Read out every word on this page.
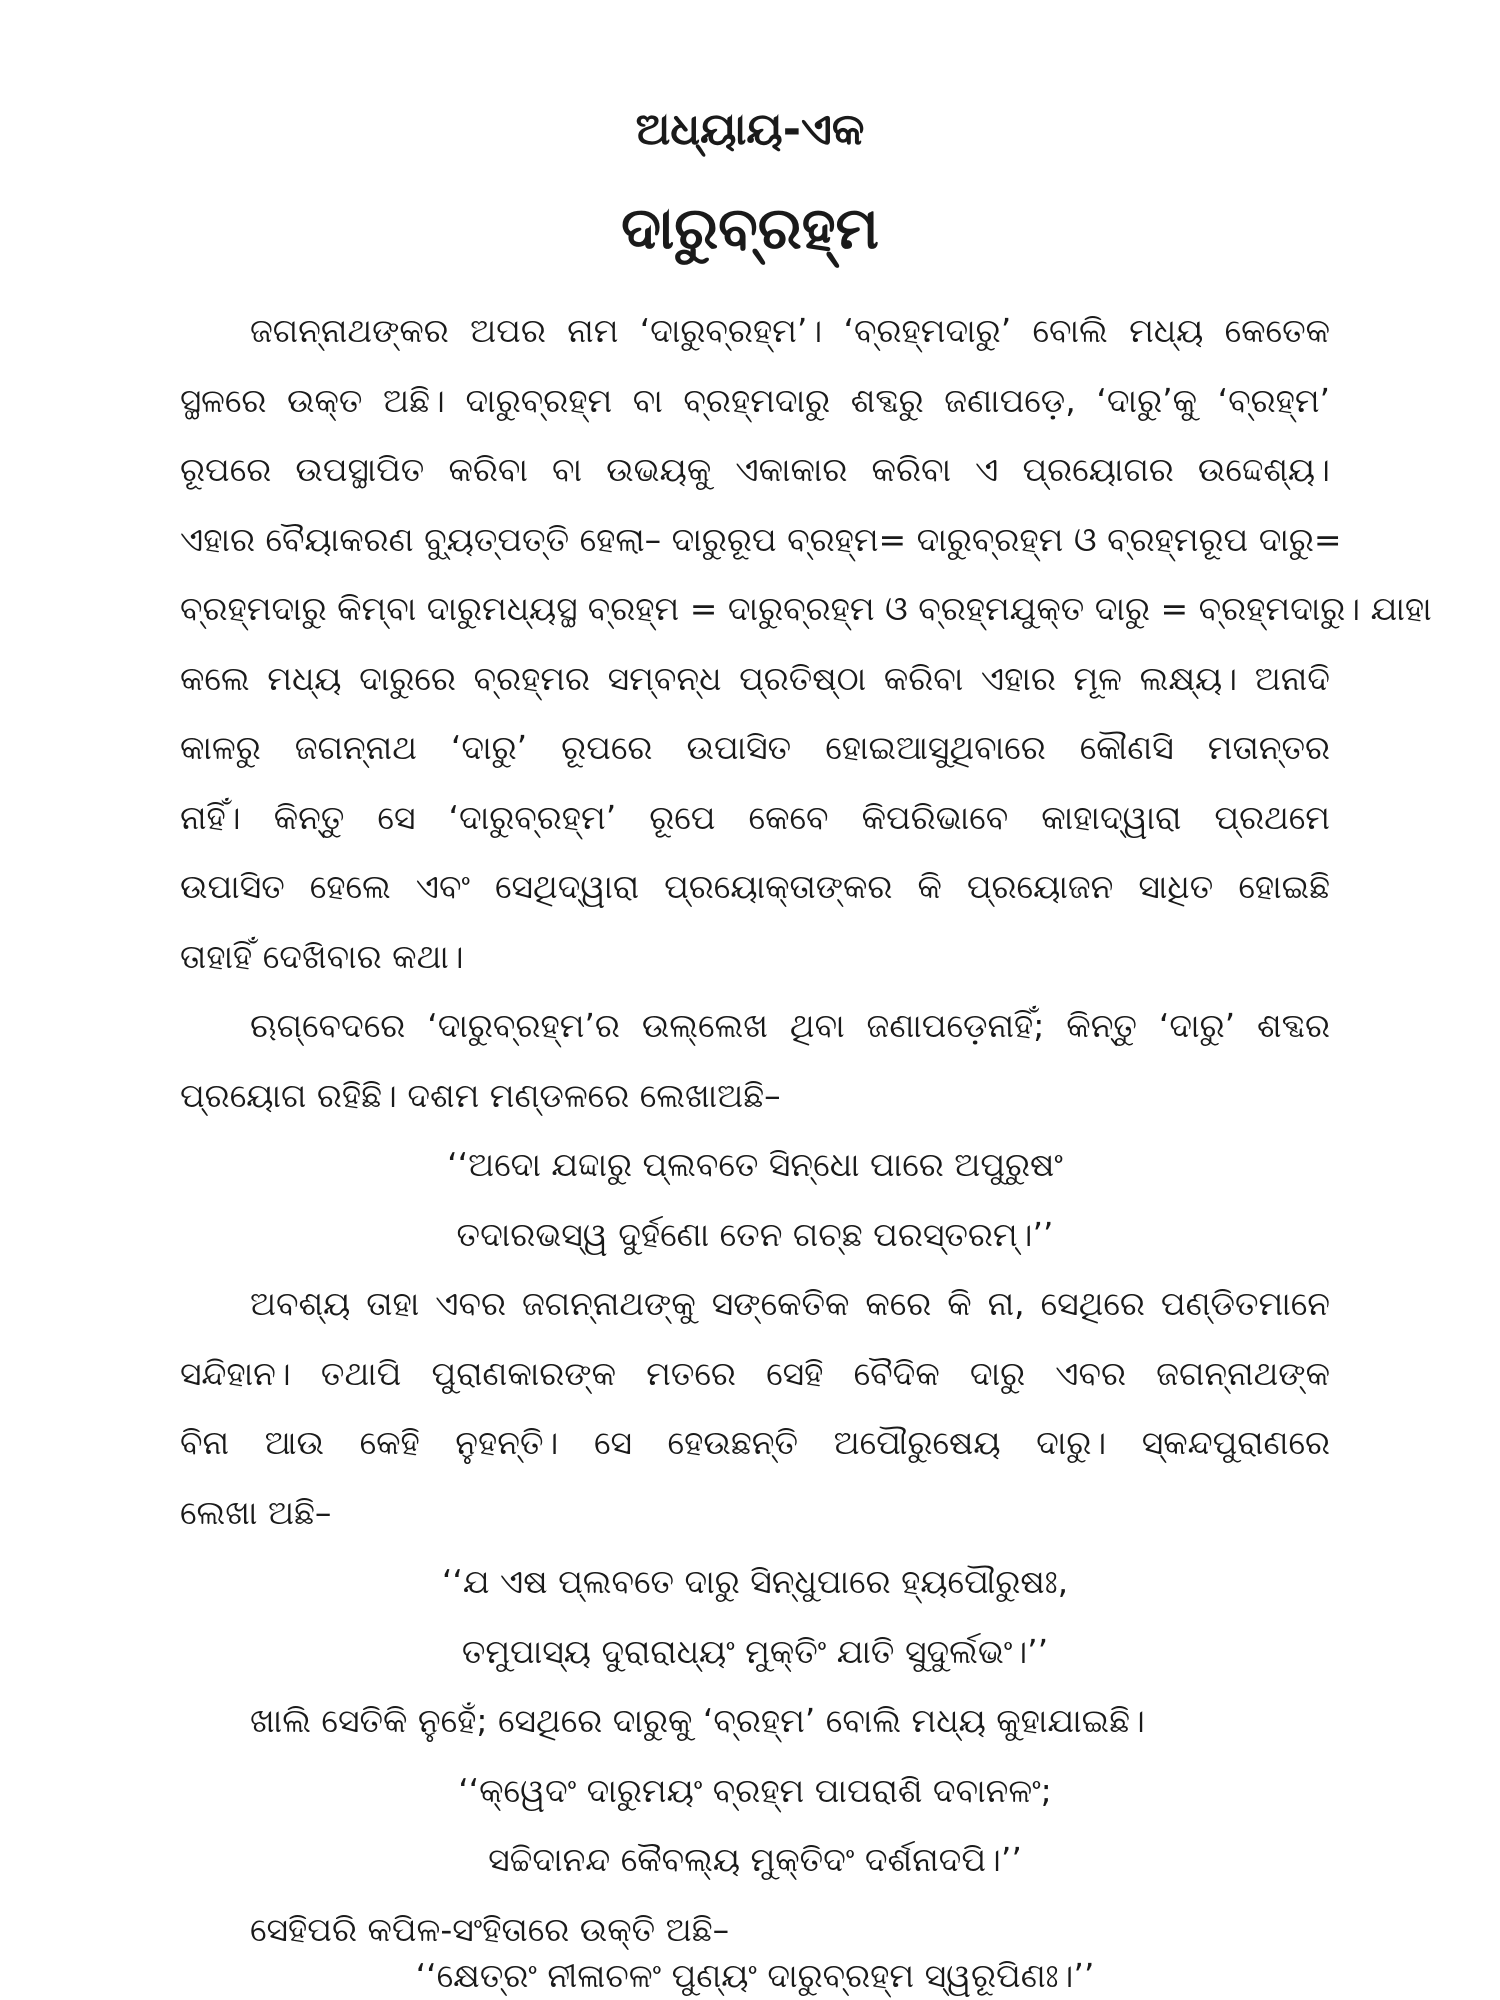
ଅଧ୍ୟାୟ-ଏକ
ଦାରୁବ୍ରହ୍ମ
ଜଗନ୍ନାଥଙ୍କର ଅପର ନାମ ‘ଦାରୁବ୍ରହ୍ମ’। ‘ବ୍ରହ୍ମଦାରୁ’ ବୋଲି ମଧ୍ୟ କେତେକ
ସ୍ଥଳରେ ଉକ୍ତ ଅଛି। ଦାରୁବ୍ରହ୍ମ ବା ବ୍ରହ୍ମଦାରୁ ଶବ୍ଦରୁ ଜଣାପଡ଼େ, ‘ଦାରୁ’କୁ ‘ବ୍ରହ୍ମ’
ରୂପରେ ଉପସ୍ଥାପିତ କରିବା ବା ଉଭୟକୁ ଏକାକାର କରିବା ଏ ପ୍ରୟୋଗର ଉଦ୍ଦେଶ୍ୟ।
ଏହାର ବୈୟାକରଣ ବ୍ୟୁତ୍ପତ୍ତି ହେଲା– ଦାରୁରୂପ ବ୍ରହ୍ମ= ଦାରୁବ୍ରହ୍ମ ଓ ବ୍ରହ୍ମରୂପ ଦାରୁ=
ବ୍ରହ୍ମଦାରୁ କିମ୍ବା ଦାରୁମଧ୍ୟସ୍ଥ ବ୍ରହ୍ମ = ଦାରୁବ୍ରହ୍ମ ଓ ବ୍ରହ୍ମଯୁକ୍ତ ଦାରୁ = ବ୍ରହ୍ମଦାରୁ। ଯାହା
କଲେ ମଧ୍ୟ ଦାରୁରେ ବ୍ରହ୍ମର ସମ୍ବନ୍ଧ ପ୍ରତିଷ୍ଠା କରିବା ଏହାର ମୂଳ ଲକ୍ଷ୍ୟ। ଅନାଦି
କାଳରୁ ଜଗନ୍ନାଥ ‘ଦାରୁ’ ରୂପରେ ଉପାସିତ ହୋଇଆସୁଥିବାରେ କୌଣସି ମତାନ୍ତର
ନାହିଁ। କିନ୍ତୁ ସେ ‘ଦାରୁବ୍ରହ୍ମ’ ରୂପେ କେବେ କିପରିଭାବେ କାହାଦ୍ୱାରା ପ୍ରଥମେ
ଉପାସିତ ହେଲେ ଏବଂ ସେଥିଦ୍ୱାରା ପ୍ରୟୋକ୍ତାଙ୍କର କି ପ୍ରୟୋଜନ ସାଧିତ ହୋଇଛି
ତାହାହିଁ ଦେଖିବାର କଥା।
ଋଗ୍‌ବେଦରେ ‘ଦାରୁବ୍ରହ୍ମ’ର ଉଲ୍ଲେଖ ଥିବା ଜଣାପଡ଼େନାହିଁ; କିନ୍ତୁ ‘ଦାରୁ’ ଶବ୍ଦର
ପ୍ରୟୋଗ ରହିଛି। ଦଶମ ମଣ୍ଡଳରେ ଲେଖାଅଛି–
‘‘ଅଦୋ ଯଦ୍ଦାରୁ ପ୍ଲବତେ ସିନ୍ଧୋ ପାରେ ଅପୁରୁଷଂ
ତଦାରଭସ୍ୱ ଦୁର୍ହଣୋ ତେନ ଗଚ୍ଛ ପରସ୍ତରମ୍।’’
ଅବଶ୍ୟ ତାହା ଏବର ଜଗନ୍ନାଥଙ୍କୁ ସଙ୍କେତିକ କରେ କି ନା, ସେଥିରେ ପଣ୍ଡିତମାନେ
ସନ୍ଦିହାନ। ତଥାପି ପୁରାଣକାରଙ୍କ ମତରେ ସେହି ବୈଦିକ ଦାରୁ ଏବର ଜଗନ୍ନାଥଙ୍କ
ବିନା ଆଉ କେହି ନୁହନ୍ତି। ସେ ହେଉଛନ୍ତି ଅପୌରୁଷେୟ ଦାରୁ। ସ୍କନ୍ଦପୁରାଣରେ
ଲେଖା ଅଛି–
‘‘ଯ ଏଷ ପ୍ଲବତେ ଦାରୁ ସିନ୍ଧୁପାରେ ହ୍ୟପୌରୁଷଃ,
ତମୁପାସ୍ୟ ଦୁରାରାଧ୍ୟଂ ମୁକ୍ତିଂ ଯାତି ସୁଦୁର୍ଲଭଂ।’’
ଖାଲି ସେତିକି ନୁହେଁ; ସେଥିରେ ଦାରୁକୁ ‘ବ୍ରହ୍ମ’ ବୋଲି ମଧ୍ୟ କୁହାଯାଇଛି।
‘‘କ୍ୱେଦଂ ଦାରୁମୟଂ ବ୍ରହ୍ମ ପାପରାଶି ଦବାନଳଂ;
ସଚ୍ଚିଦାନନ୍ଦ କୈବଲ୍ୟ ମୁକ୍ତିଦଂ ଦର୍ଶନାଦପି।’’
ସେହିପରି କପିଳ-ସଂହିତାରେ ଉକ୍ତି ଅଛି–
‘‘କ୍ଷେତ୍ରଂ ନୀଳାଚଳଂ ପୁଣ୍ୟଂ ଦାରୁବ୍ରହ୍ମ ସ୍ୱରୂପିଣଃ।’’
